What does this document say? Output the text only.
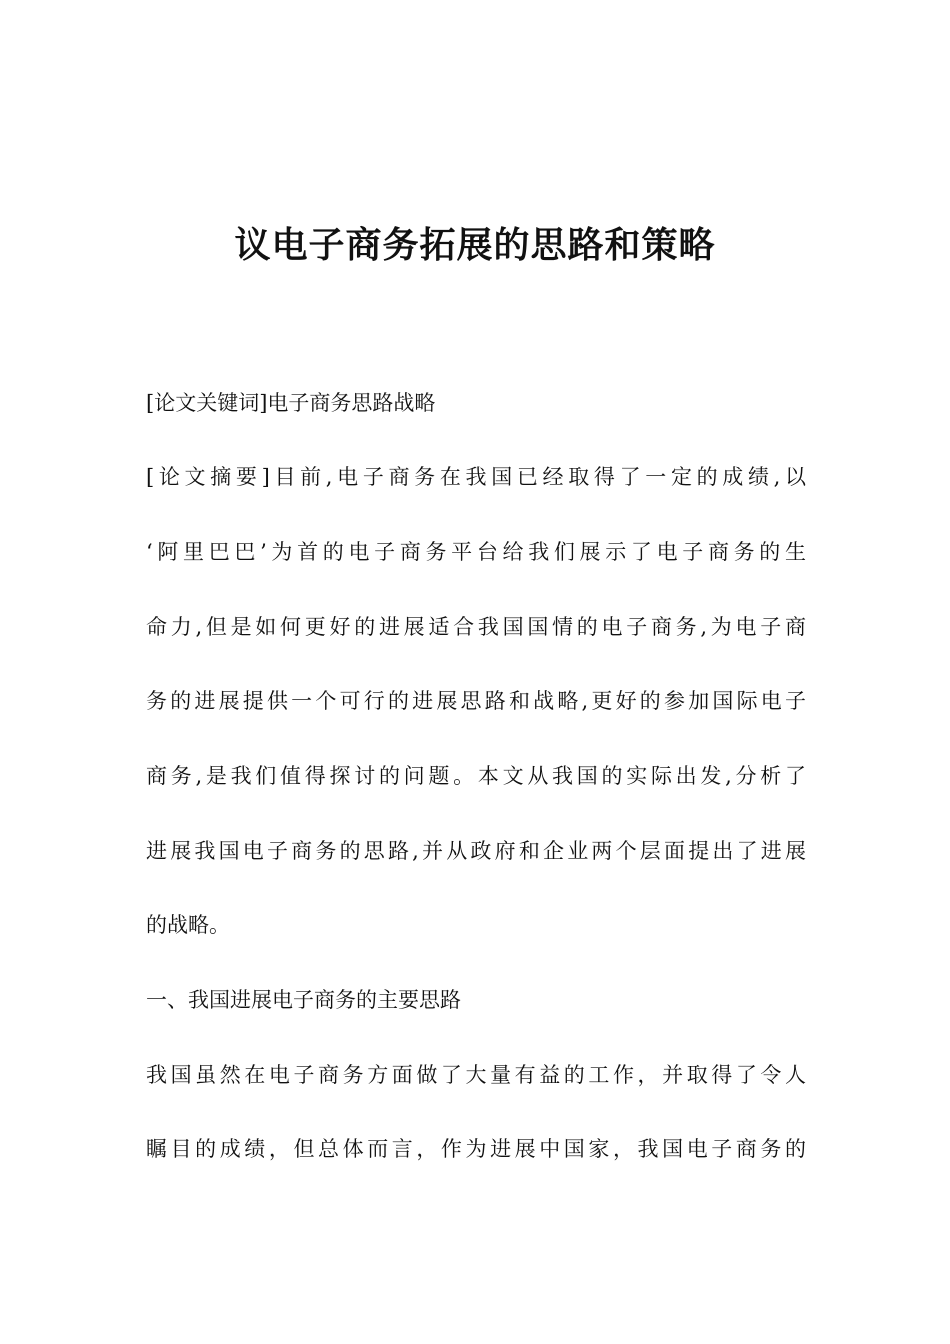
议电子商务拓展的思路和策略
[论文关键词]电子商务思路战略
[论文摘要]目前,电子商务在我国已经取得了一定的成绩,以
‘阿里巴巴’为首的电子商务平台给我们展示了电子商务的生
命力,但是如何更好的进展适合我国国情的电子商务,为电子商
务的进展提供一个可行的进展思路和战略,更好的参加国际电子
商务,是我们值得探讨的问题。本文从我国的实际出发,分析了
进展我国电子商务的思路,并从政府和企业两个层面提出了进展
的战略。
一、我国进展电子商务的主要思路
我国虽然在电子商务方面做了大量有益的工作，并取得了令人
瞩目的成绩，但总体而言，作为进展中国家，我国电子商务的
